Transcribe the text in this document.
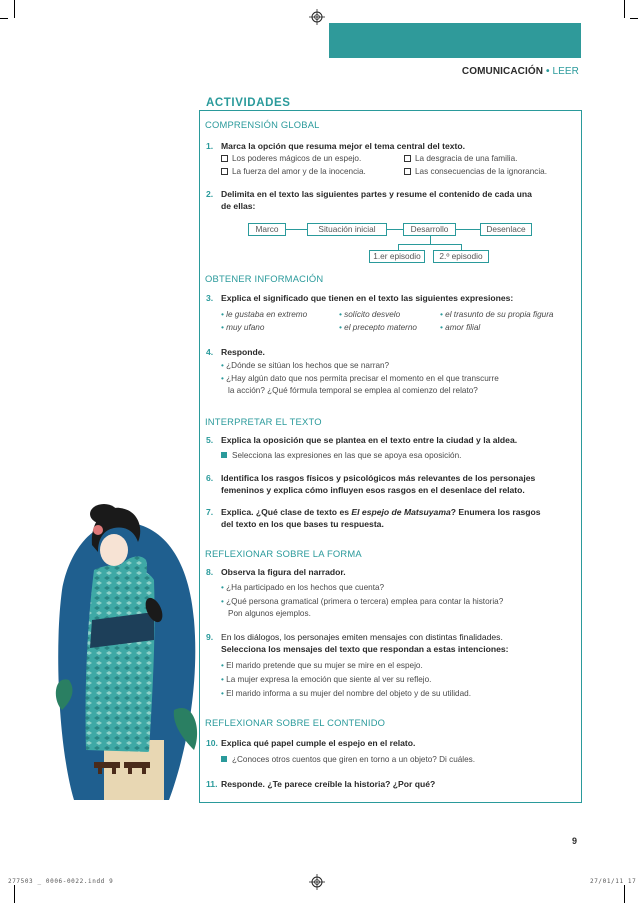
COMUNICACIÓN • LEER
ACTIVIDADES
COMPRENSIÓN GLOBAL
1. Marca la opción que resuma mejor el tema central del texto.
Los poderes mágicos de un espejo.	La desgracia de una familia.
La fuerza del amor y de la inocencia.	Las consecuencias de la ignorancia.
2. Delimita en el texto las siguientes partes y resume el contenido de cada una
de ellas:
Marco	Situación inicial	Desarrollo	Desenlace
1.er episodio	2.º episodio
OBTENER INFORMACIÓN
3. Explica el significado que tienen en el texto las siguientes expresiones:
• le gustaba en extremo	• solícito desvelo	• el trasunto de su propia figura
• muy ufano	• el precepto materno	• amor filial
4. Responde.
• ¿Dónde se sitúan los hechos que se narran?
• ¿Hay algún dato que nos permita precisar el momento en el que transcurre
la acción? ¿Qué fórmula temporal se emplea al comienzo del relato?
INTERPRETAR EL TEXTO
5. Explica la oposición que se plantea en el texto entre la ciudad y la aldea.
Selecciona las expresiones en las que se apoya esa oposición.
6. Identifica los rasgos físicos y psicológicos más relevantes de los personajes
femeninos y explica cómo influyen esos rasgos en el desenlace del relato.
7. Explica. ¿Qué clase de texto es El espejo de Matsuyama? Enumera los rasgos
del texto en los que bases tu respuesta.
REFLEXIONAR SOBRE LA FORMA
8. Observa la figura del narrador.
• ¿Ha participado en los hechos que cuenta?
• ¿Qué persona gramatical (primera o tercera) emplea para contar la historia?
Pon algunos ejemplos.
9. En los diálogos, los personajes emiten mensajes con distintas finalidades.
Selecciona los mensajes del texto que respondan a estas intenciones:
• El marido pretende que su mujer se mire en el espejo.
• La mujer expresa la emoción que siente al ver su reflejo.
• El marido informa a su mujer del nombre del objeto y de su utilidad.
REFLEXIONAR SOBRE EL CONTENIDO
10. Explica qué papel cumple el espejo en el relato.
¿Conoces otros cuentos que giren en torno a un objeto? Di cuáles.
11. Responde. ¿Te parece creíble la historia? ¿Por qué?
9
277503 _ 0006-0022.indd 9	27/01/11 17
